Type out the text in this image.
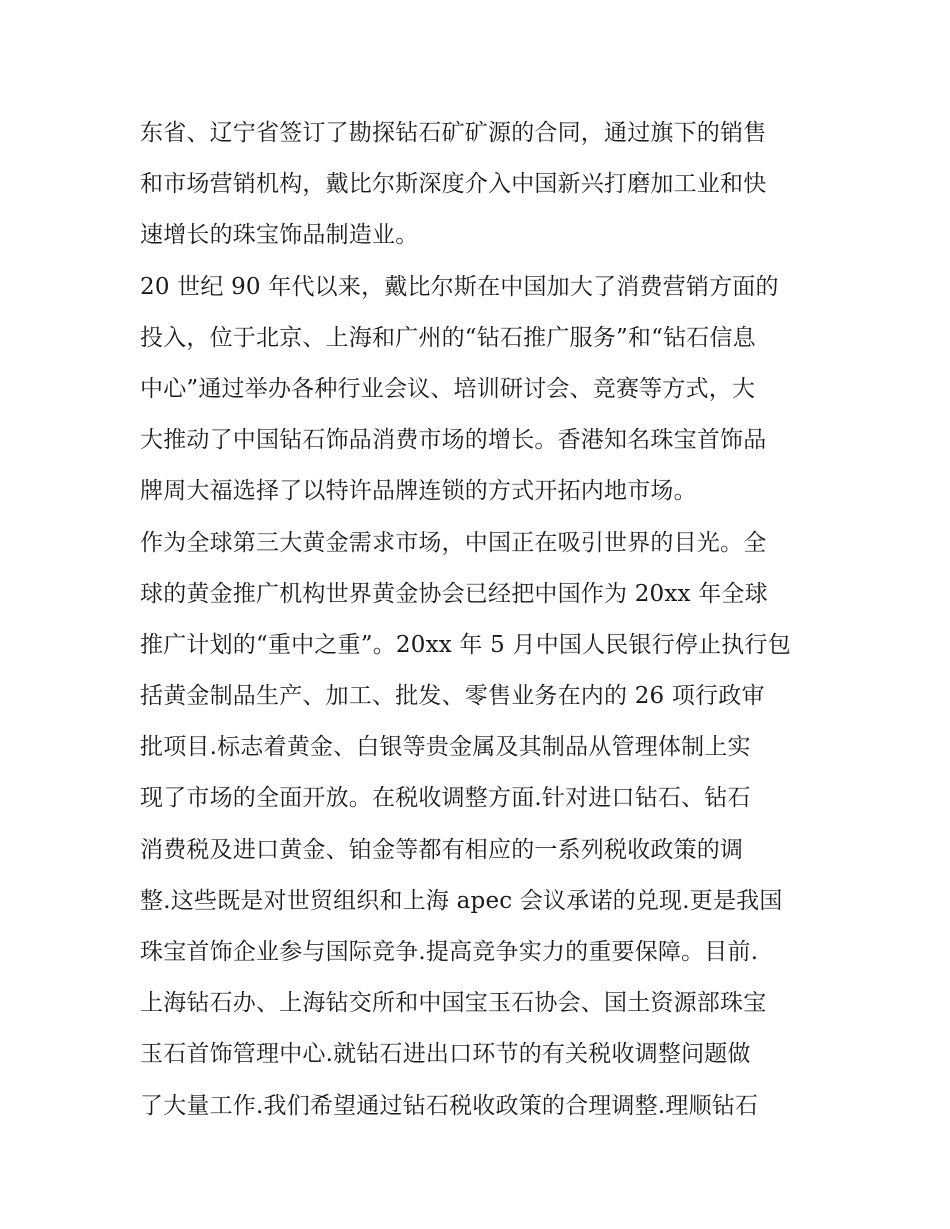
东省、辽宁省签订了勘探钻石矿矿源的合同，通过旗下的销售
和市场营销机构，戴比尔斯深度介入中国新兴打磨加工业和快
速增长的珠宝饰品制造业。
20 世纪 90 年代以来，戴比尔斯在中国加大了消费营销方面的
投入，位于北京、上海和广州的“钻石推广服务”和“钻石信息
中心”通过举办各种行业会议、培训研讨会、竞赛等方式，大
大推动了中国钻石饰品消费市场的增长。香港知名珠宝首饰品
牌周大福选择了以特许品牌连锁的方式开拓内地市场。
作为全球第三大黄金需求市场，中国正在吸引世界的目光。全
球的黄金推广机构世界黄金协会已经把中国作为 20xx 年全球
推广计划的“重中之重”。20xx 年 5 月中国人民银行停止执行包
括黄金制品生产、加工、批发、零售业务在内的 26 项行政审
批项目.标志着黄金、白银等贵金属及其制品从管理体制上实
现了市场的全面开放。在税收调整方面.针对进口钻石、钻石
消费税及进口黄金、铂金等都有相应的一系列税收政策的调
整.这些既是对世贸组织和上海 apec 会议承诺的兑现.更是我国
珠宝首饰企业参与国际竞争.提高竞争实力的重要保障。目前.
上海钻石办、上海钻交所和中国宝玉石协会、国土资源部珠宝
玉石首饰管理中心.就钻石进出口环节的有关税收调整问题做
了大量工作.我们希望通过钻石税收政策的合理调整.理顺钻石
